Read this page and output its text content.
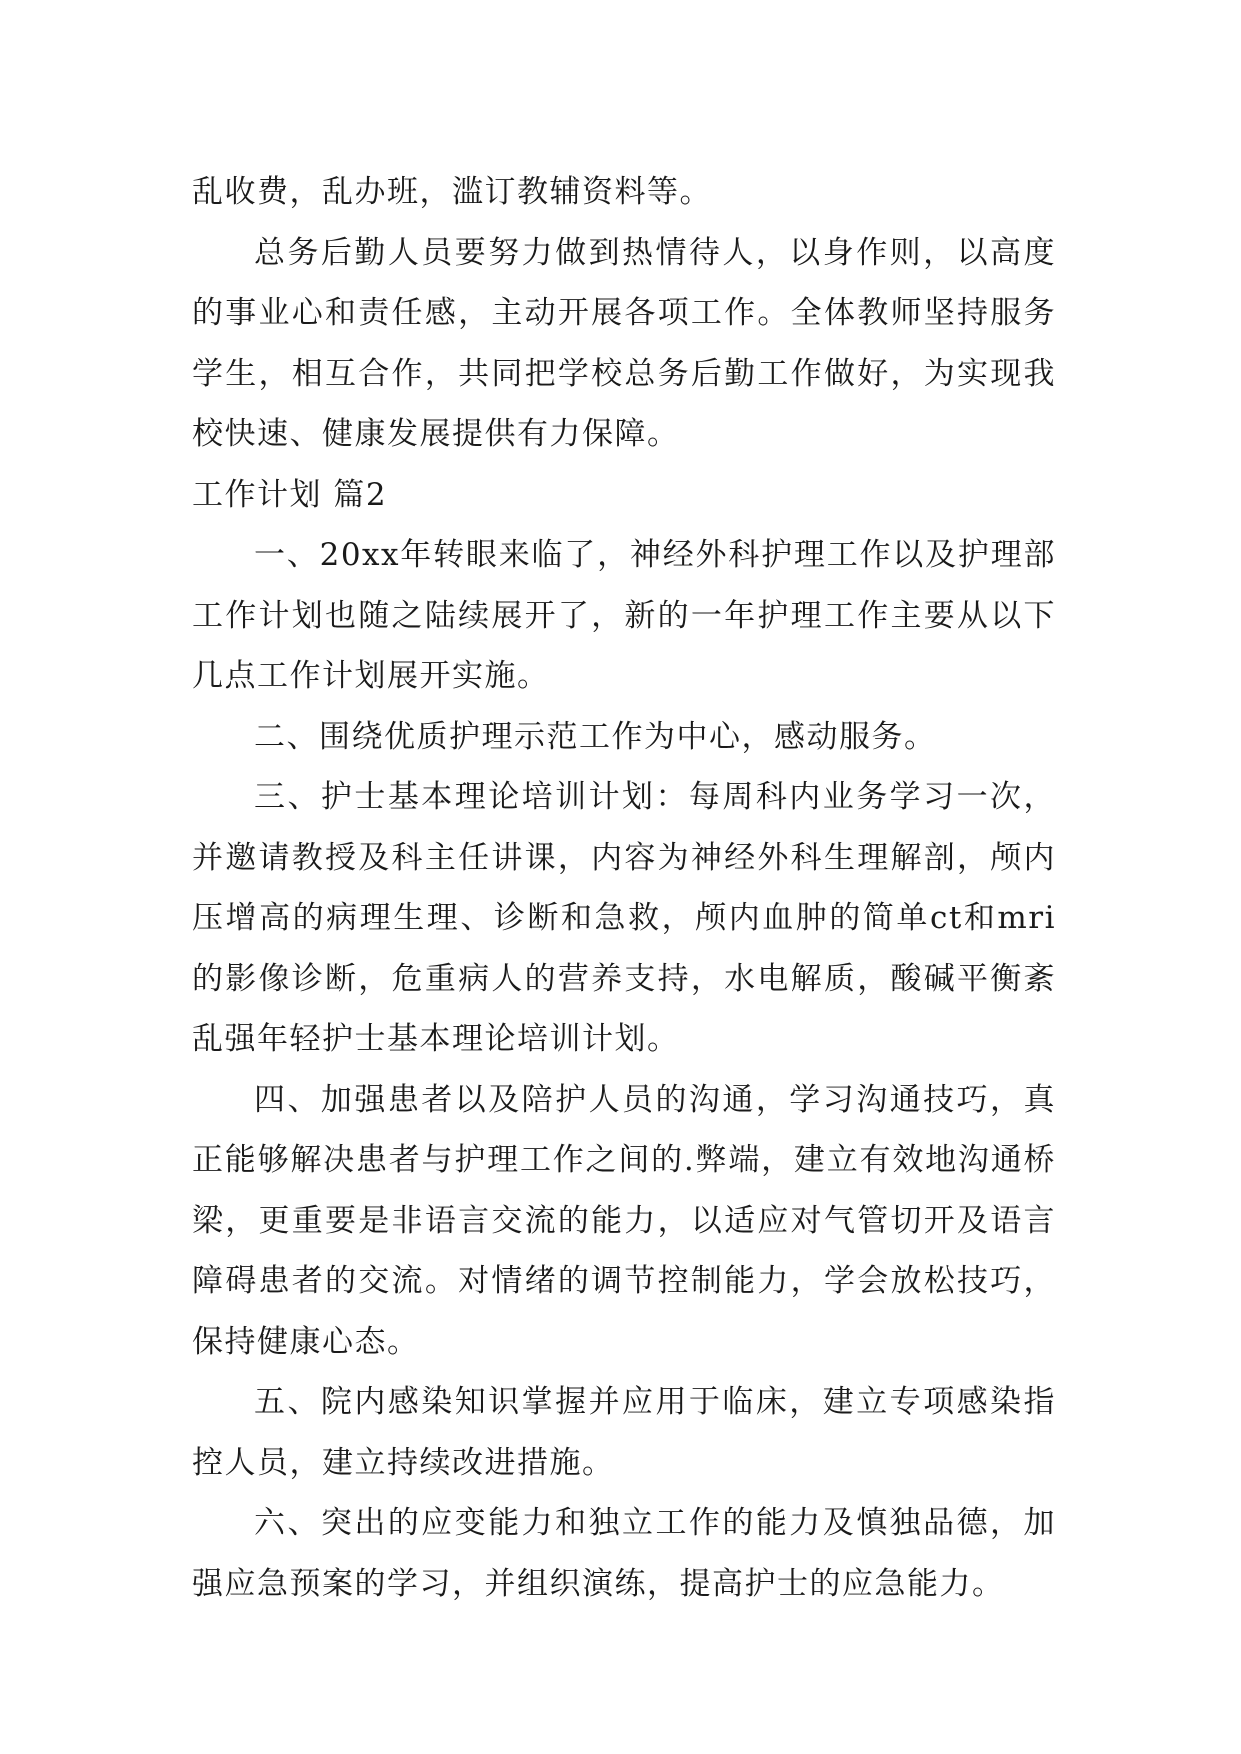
乱收费，乱办班，滥订教辅资料等。

总务后勤人员要努力做到热情待人，以身作则，以高度的事业心和责任感，主动开展各项工作。全体教师坚持服务学生，相互合作，共同把学校总务后勤工作做好，为实现我校快速、健康发展提供有力保障。

工作计划 篇2

一、20xx年转眼来临了，神经外科护理工作以及护理部工作计划也随之陆续展开了，新的一年护理工作主要从以下几点工作计划展开实施。

二、围绕优质护理示范工作为中心，感动服务。

三、护士基本理论培训计划：每周科内业务学习一次，并邀请教授及科主任讲课，内容为神经外科生理解剖，颅内压增高的病理生理、诊断和急救，颅内血肿的简单ct和mri的影像诊断，危重病人的营养支持，水电解质，酸碱平衡紊乱强年轻护士基本理论培训计划。

四、加强患者以及陪护人员的沟通，学习沟通技巧，真正能够解决患者与护理工作之间的.弊端，建立有效地沟通桥梁，更重要是非语言交流的能力，以适应对气管切开及语言障碍患者的交流。对情绪的调节控制能力，学会放松技巧，保持健康心态。

五、院内感染知识掌握并应用于临床，建立专项感染指控人员，建立持续改进措施。

六、突出的应变能力和独立工作的能力及慎独品德，加强应急预案的学习，并组织演练，提高护士的应急能力。
